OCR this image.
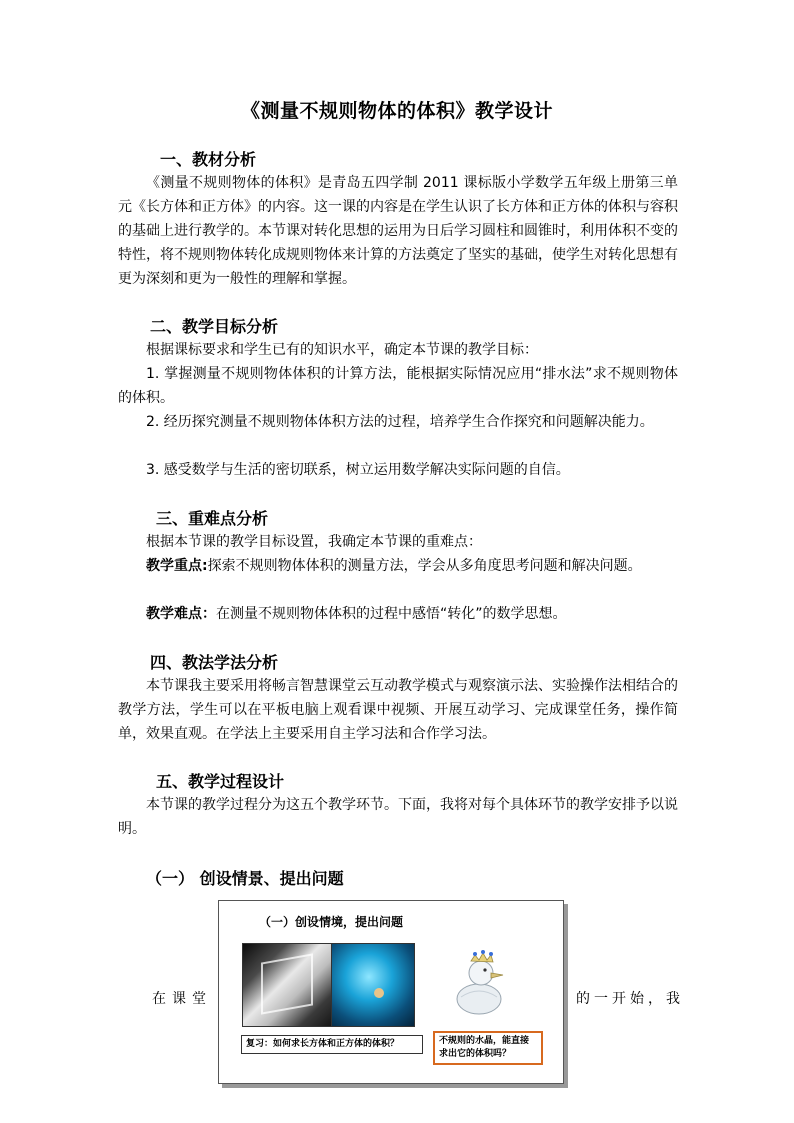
《测量不规则物体的体积》教学设计
一、教材分析
《测量不规则物体的体积》是青岛五四学制 2011 课标版小学数学五年级上册第三单元《长方体和正方体》的内容。这一课的内容是在学生认识了长方体和正方体的体积与容积的基础上进行教学的。本节课对转化思想的运用为日后学习圆柱和圆锥时，利用体积不变的特性，将不规则物体转化成规则物体来计算的方法奠定了坚实的基础，使学生对转化思想有更为深刻和更为一般性的理解和掌握。
二、教学目标分析
根据课标要求和学生已有的知识水平，确定本节课的教学目标：
1. 掌握测量不规则物体体积的计算方法，能根据实际情况应用“排水法”求不规则物体的体积。
2. 经历探究测量不规则物体体积方法的过程，培养学生合作探究和问题解决能力。
3. 感受数学与生活的密切联系，树立运用数学解决实际问题的自信。
三、重难点分析
根据本节课的教学目标设置，我确定本节课的重难点：
教学重点:探索不规则物体体积的测量方法，学会从多角度思考问题和解决问题。
教学难点：在测量不规则物体体积的过程中感悟“转化”的数学思想。
四、教法学法分析
本节课我主要采用将畅言智慧课堂云互动教学模式与观察演示法、实验操作法相结合的教学方法，学生可以在平板电脑上观看课中视频、开展互动学习、完成课堂任务，操作简单，效果直观。在学法上主要采用自主学习法和合作学习法。
五、教学过程设计
本节课的教学过程分为这五个教学环节。下面，我将对每个具体环节的教学安排予以说明。
（一） 创设情景、提出问题
在课堂	的一开始，我
（一）创设情境，提出问题
复习：如何求长方体和正方体的体积？	不规则的水晶，能直接求出它的体积吗？
